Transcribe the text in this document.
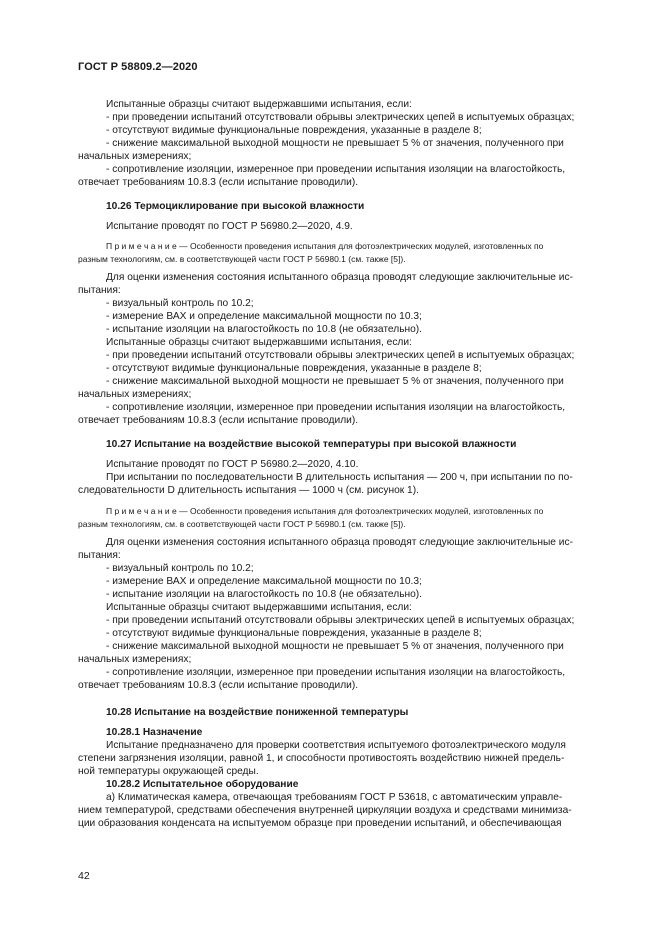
ГОСТ Р 58809.2—2020
Испытанные образцы считают выдержавшими испытания, если:
- при проведении испытаний отсутствовали обрывы электрических цепей в испытуемых образцах;
- отсутствуют видимые функциональные повреждения, указанные в разделе 8;
- снижение максимальной выходной мощности не превышает 5 % от значения, полученного при
начальных измерениях;
- сопротивление изоляции, измеренное при проведении испытания изоляции на влагостойкость,
отвечает требованиям 10.8.3 (если испытание проводили).
10.26 Термоциклирование при высокой влажности
Испытание проводят по ГОСТ Р 56980.2—2020, 4.9.
П р и м е ч а н и е — Особенности проведения испытания для фотоэлектрических модулей, изготовленных по
разным технологиям, см. в соответствующей части ГОСТ Р 56980.1 (см. также [5]).
Для оценки изменения состояния испытанного образца проводят следующие заключительные ис-
пытания:
- визуальный контроль по 10.2;
- измерение ВАХ и определение максимальной мощности по 10.3;
- испытание изоляции на влагостойкость по 10.8 (не обязательно).
Испытанные образцы считают выдержавшими испытания, если:
- при проведении испытаний отсутствовали обрывы электрических цепей в испытуемых образцах;
- отсутствуют видимые функциональные повреждения, указанные в разделе 8;
- снижение максимальной выходной мощности не превышает 5 % от значения, полученного при
начальных измерениях;
- сопротивление изоляции, измеренное при проведении испытания изоляции на влагостойкость,
отвечает требованиям 10.8.3 (если испытание проводили).
10.27 Испытание на воздействие высокой температуры при высокой влажности
Испытание проводят по ГОСТ Р 56980.2—2020, 4.10.
При испытании по последовательности В длительность испытания — 200 ч, при испытании по по-
следовательности D длительность испытания — 1000 ч (см. рисунок 1).
П р и м е ч а н и е — Особенности проведения испытания для фотоэлектрических модулей, изготовленных по
разным технологиям, см. в соответствующей части ГОСТ Р 56980.1 (см. также [5]).
Для оценки изменения состояния испытанного образца проводят следующие заключительные ис-
пытания:
- визуальный контроль по 10.2;
- измерение ВАХ и определение максимальной мощности по 10.3;
- испытание изоляции на влагостойкость по 10.8 (не обязательно).
Испытанные образцы считают выдержавшими испытания, если:
- при проведении испытаний отсутствовали обрывы электрических цепей в испытуемых образцах;
- отсутствуют видимые функциональные повреждения, указанные в разделе 8;
- снижение максимальной выходной мощности не превышает 5 % от значения, полученного при
начальных измерениях;
- сопротивление изоляции, измеренное при проведении испытания изоляции на влагостойкость,
отвечает требованиям 10.8.3 (если испытание проводили).
10.28 Испытание на воздействие пониженной температуры
10.28.1 Назначение
Испытание предназначено для проверки соответствия испытуемого фотоэлектрического модуля
степени загрязнения изоляции, равной 1, и способности противостоять воздействию нижней предель-
ной температуры окружающей среды.
10.28.2 Испытательное оборудование
а) Климатическая камера, отвечающая требованиям ГОСТ Р 53618, с автоматическим управле-
нием температурой, средствами обеспечения внутренней циркуляции воздуха и средствами минимиза-
ции образования конденсата на испытуемом образце при проведении испытаний, и обеспечивающая
42
